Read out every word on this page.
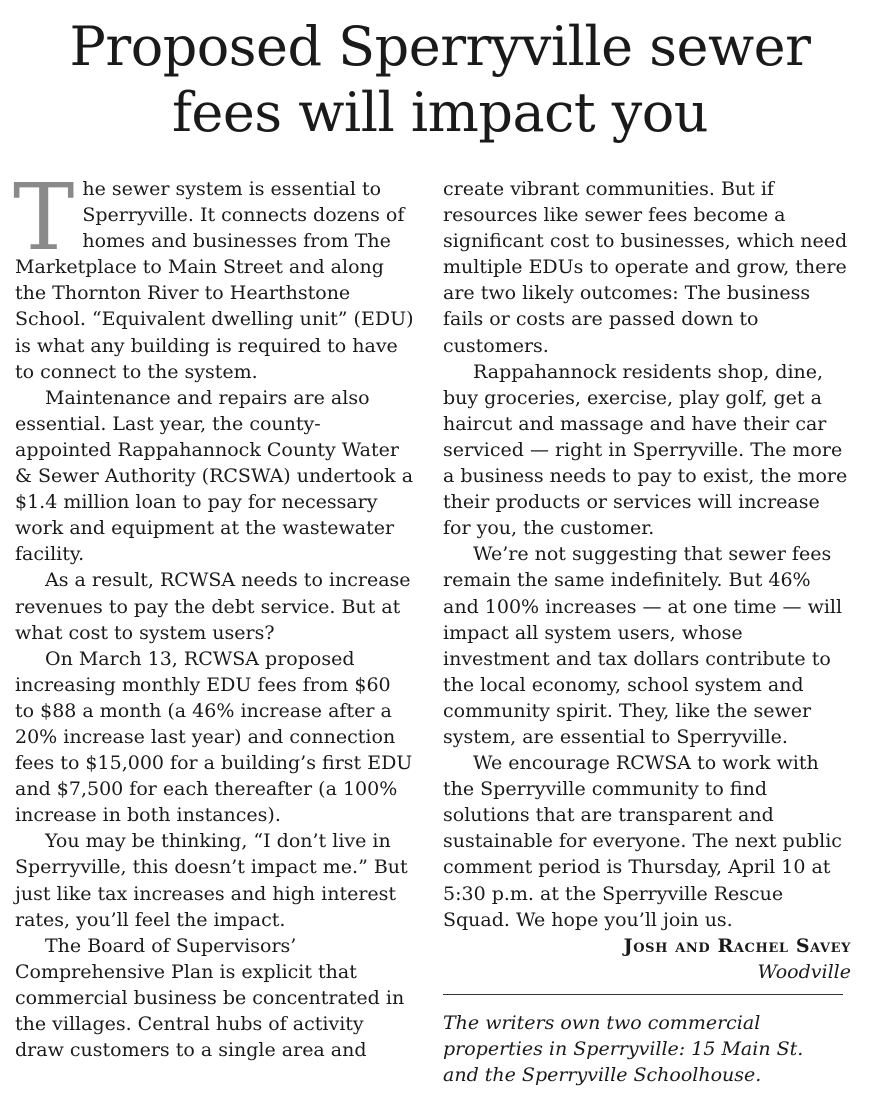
Proposed Sperryville sewer
fees will impact you

The sewer system is essential to Sperryville. It connects dozens of homes and businesses from The Marketplace to Main Street and along the Thornton River to Hearthstone School. “Equivalent dwelling unit” (EDU) is what any building is required to have to connect to the system.

Maintenance and repairs are also essential. Last year, the county-appointed Rappahannock County Water & Sewer Authority (RCSWA) undertook a $1.4 million loan to pay for necessary work and equipment at the wastewater facility.

As a result, RCWSA needs to increase revenues to pay the debt service. But at what cost to system users?

On March 13, RCWSA proposed increasing monthly EDU fees from $60 to $88 a month (a 46% increase after a 20% increase last year) and connection fees to $15,000 for a building’s first EDU and $7,500 for each thereafter (a 100% increase in both instances).

You may be thinking, “I don’t live in Sperryville, this doesn’t impact me.” But just like tax increases and high interest rates, you’ll feel the impact.

The Board of Supervisors’ Comprehensive Plan is explicit that commercial business be concentrated in the villages. Central hubs of activity draw customers to a single area and

create vibrant communities. But if resources like sewer fees become a significant cost to businesses, which need multiple EDUs to operate and grow, there are two likely outcomes: The business fails or costs are passed down to customers.

Rappahannock residents shop, dine, buy groceries, exercise, play golf, get a haircut and massage and have their car serviced — right in Sperryville. The more a business needs to pay to exist, the more their products or services will increase for you, the customer.

We’re not suggesting that sewer fees remain the same indefinitely. But 46% and 100% increases — at one time — will impact all system users, whose investment and tax dollars contribute to the local economy, school system and community spirit. They, like the sewer system, are essential to Sperryville.

We encourage RCWSA to work with the Sperryville community to find solutions that are transparent and sustainable for everyone. The next public comment period is Thursday, April 10 at 5:30 p.m. at the Sperryville Rescue Squad. We hope you’ll join us.

Josh and Rachel Savey

Woodville

The writers own two commercial properties in Sperryville: 15 Main St. and the Sperryville Schoolhouse.
